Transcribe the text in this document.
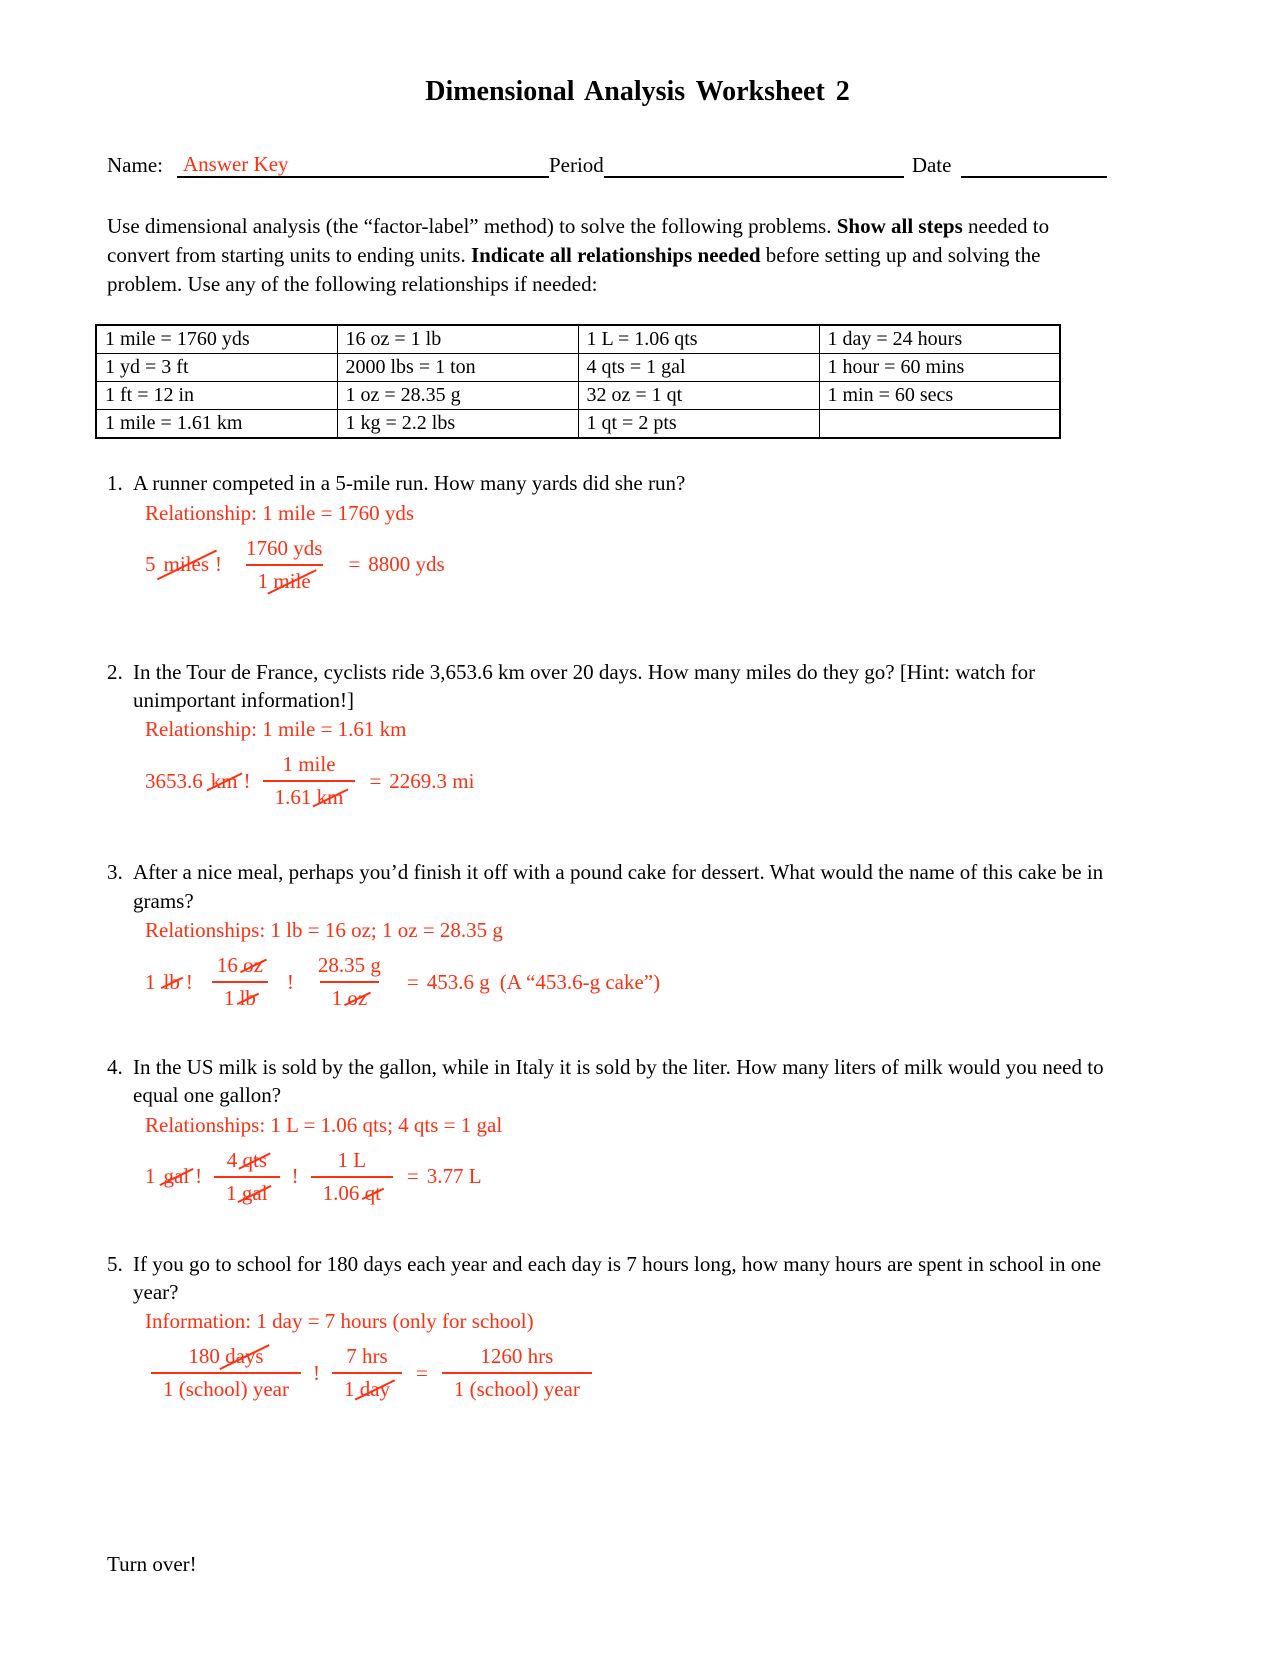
Dimensional Analysis Worksheet 2
Name: Answer Key	Period	Date
Use dimensional analysis (the “factor-label” method) to solve the following problems. Show all steps needed to convert from starting units to ending units. Indicate all relationships needed before setting up and solving the problem. Use any of the following relationships if needed:
1 mile = 1760 yds	16 oz = 1 lb	1 L = 1.06 qts	1 day = 24 hours
1 yd = 3 ft	2000 lbs = 1 ton	4 qts = 1 gal	1 hour = 60 mins
1 ft = 12 in	1 oz = 28.35 g	32 oz = 1 qt	1 min = 60 secs
1 mile = 1.61 km	1 kg = 2.2 lbs	1 qt = 2 pts	
1. A runner competed in a 5-mile run. How many yards did she run?
Relationship: 1 mile = 1760 yds
5 miles ! $\frac{\text{1760 yds}}{\text{1 mile}} = 8800$ yds
2. In the Tour de France, cyclists ride 3,653.6 km over 20 days. How many miles do they go? [Hint: watch for unimportant information!]
Relationship: 1 mile = 1.61 km
3653.6 km ! $\frac{\text{1 mile}}{1.61 km} = 2269.3$ mi
3. After a nice meal, perhaps you’d finish it off with a pound cake for dessert. What would the name of this cake be in grams?
Relationships: 1 lb = 16 oz; 1 oz = 28.35 g
1 lb ! $\frac{16 oz}{1 lb}$ ! $\frac{28.35 g}{1 oz} = 453.6$ g (A “453.6-g cake”)
4. In the US milk is sold by the gallon, while in Italy it is sold by the liter. How many liters of milk would you need to equal one gallon?
Relationships: 1 L = 1.06 qts; 4 qts = 1 gal
1 gal ! $\frac{\text{4 qts}}{\text{1 gal}}$ ! $\frac{1 L}{1.06 qt} = 3.77$ L
5. If you go to school for 180 days each year and each day is 7 hours long, how many hours are spent in school in one year?
Information: 1 day = 7 hours (only for school)
$\frac{\text{180 days}}{\text{1 (school) year}}$ ! $\frac{\text{7 hrs}}{\text{1 day}} = \frac{\text{1260 hrs}}{\text{1 (school) year}}$
Turn over!
